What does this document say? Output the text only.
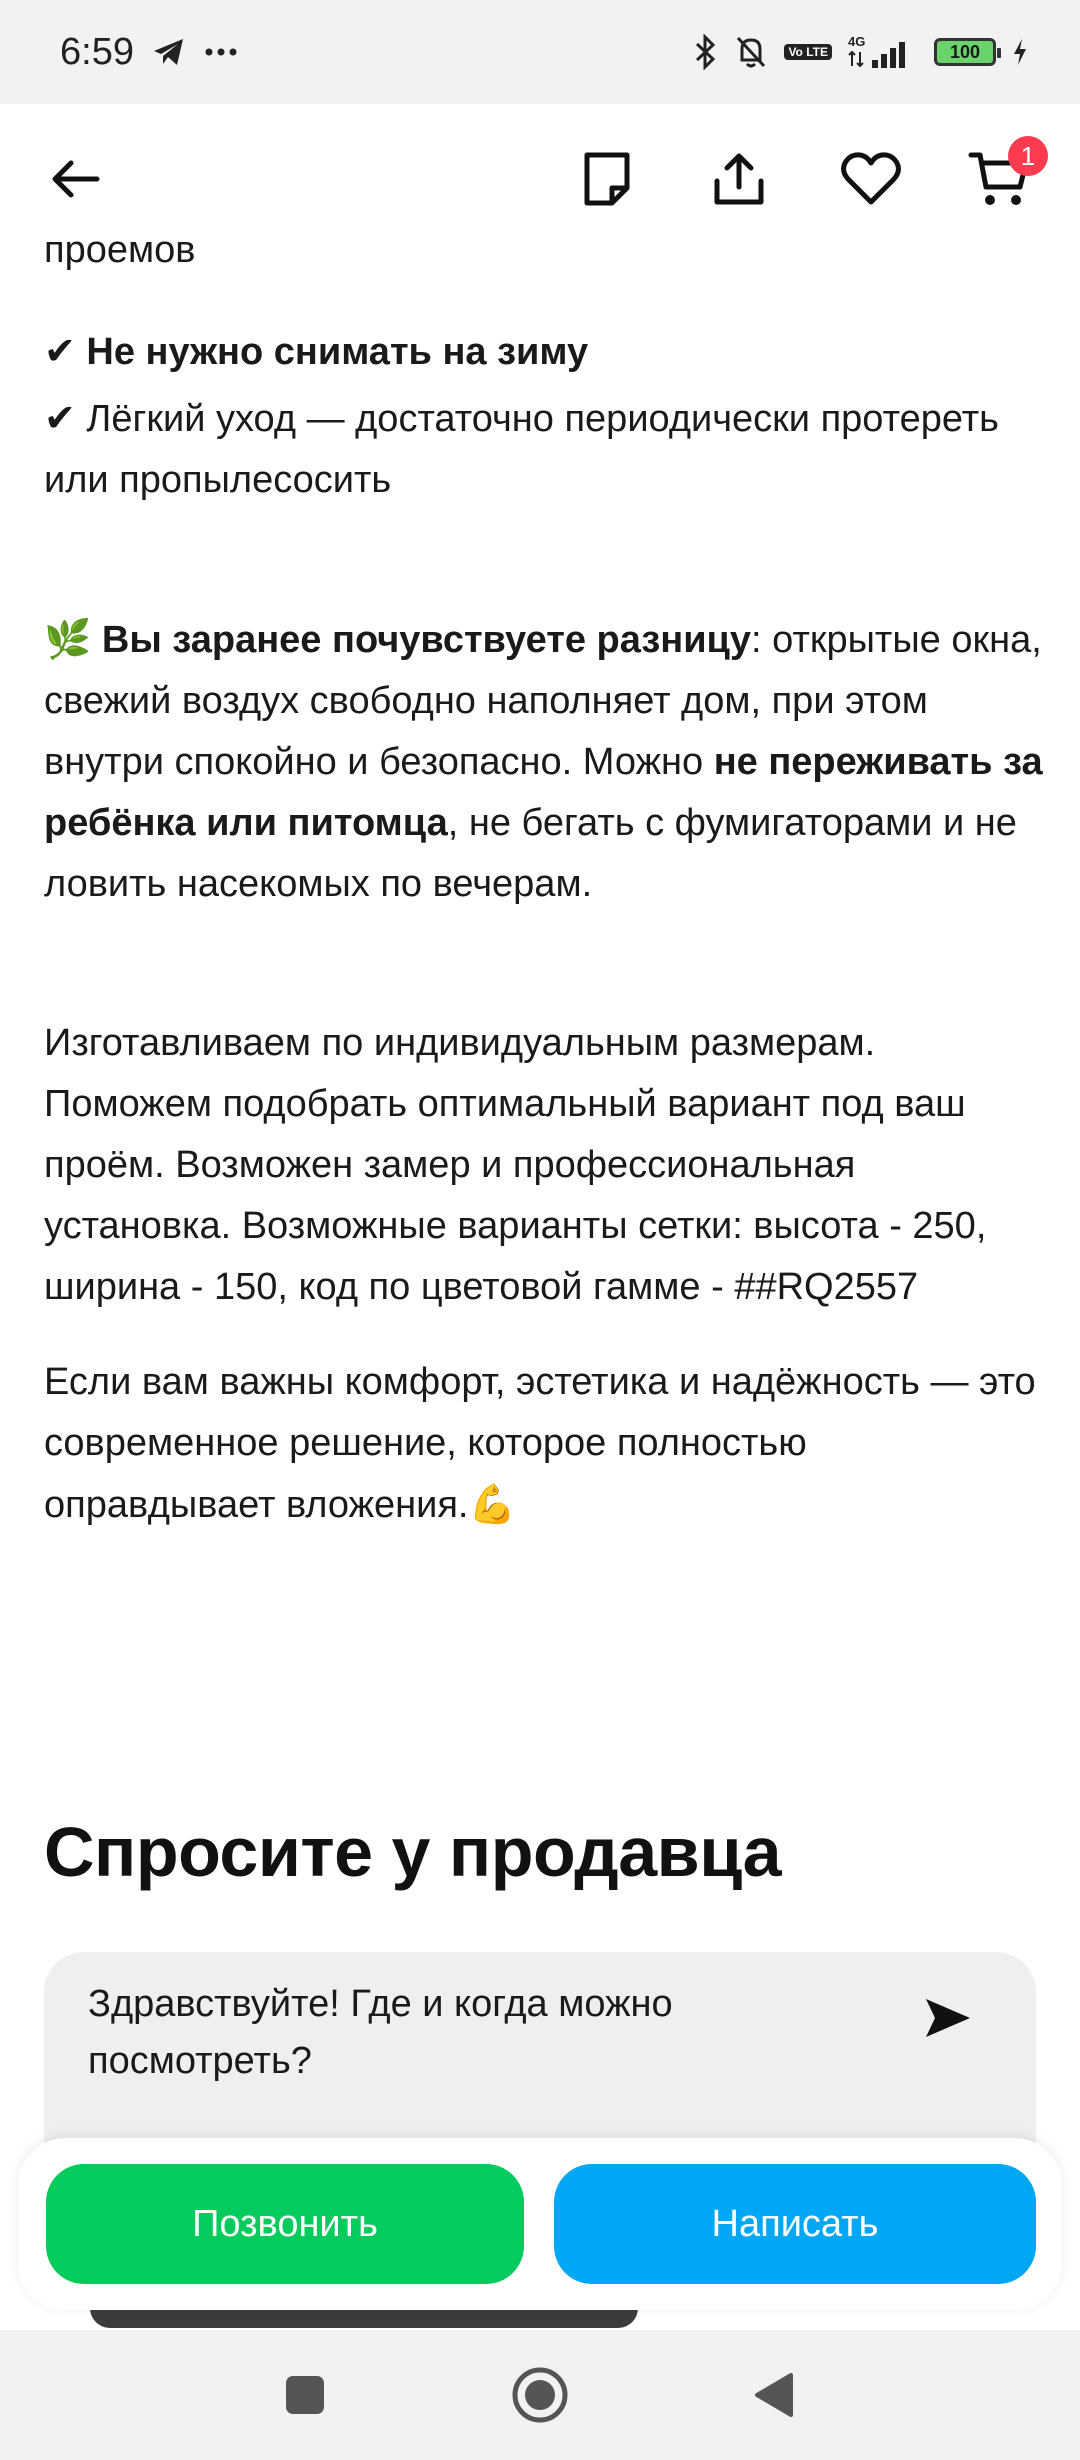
6:59	Vo LTE
4G	100
1
проемов

✔ Не нужно снимать на зиму

✔ Лёгкий уход — достаточно периодически протереть или пропылесосить

🌿 Вы заранее почувствуете разницу: открытые окна, свежий воздух свободно наполняет дом, при этом внутри спокойно и безопасно. Можно не переживать за ребёнка или питомца, не бегать с фумигаторами и не ловить насекомых по вечерам.

Изготавливаем по индивидуальным размерам. Поможем подобрать оптимальный вариант под ваш проём. Возможен замер и профессиональная установка. Возможные варианты сетки: высота - 250, ширина - 150, код по цветовой гамме - ##RQ2557

Если вам важны комфорт, эстетика и надёжность — это современное решение, которое полностью оправдывает вложения.💪

Спросите у продавца
Здравствуйте! Где и когда можно посмотреть?
Позвонить	Написать
